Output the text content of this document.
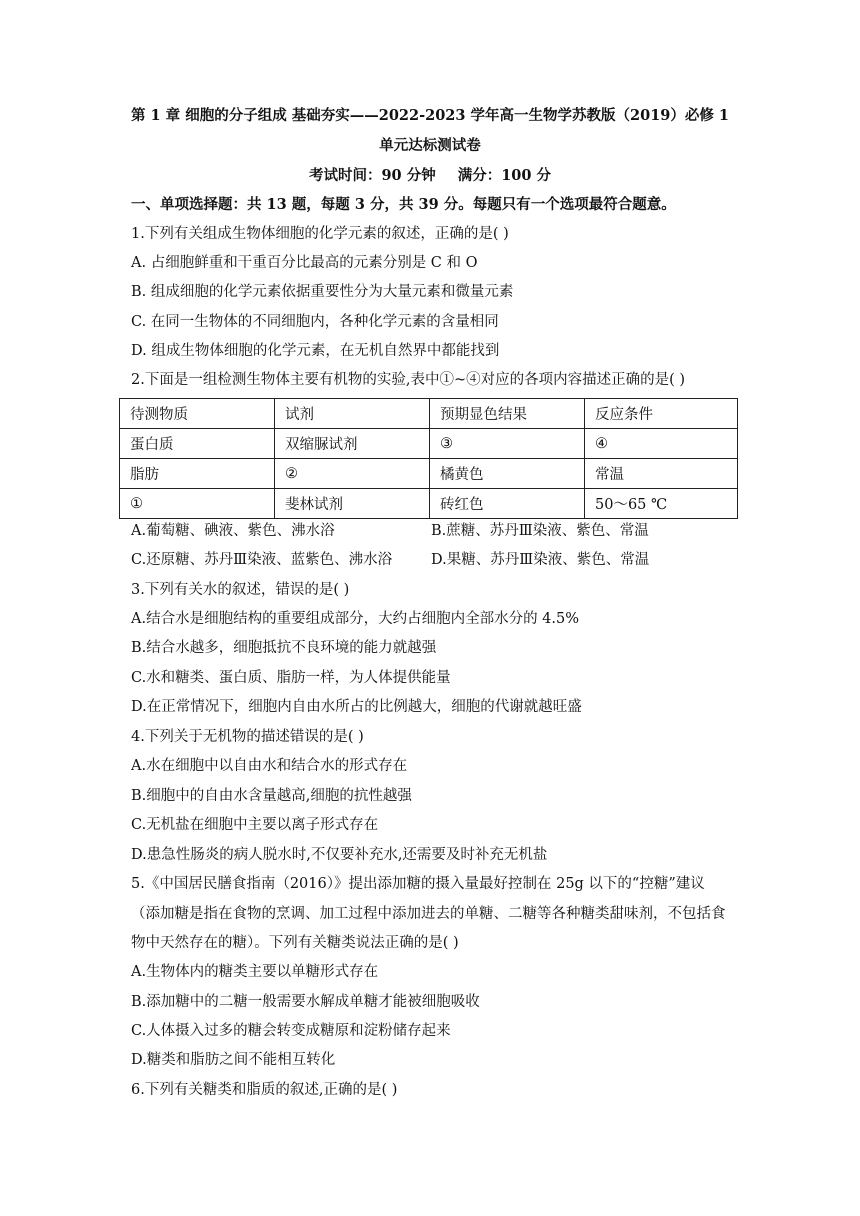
第 1 章 细胞的分子组成 基础夯实——2022-2023 学年高一生物学苏教版（2019）必修 1
单元达标测试卷
考试时间：90 分钟 满分：100 分
一、单项选择题：共 13 题，每题 3 分，共 39 分。每题只有一个选项最符合题意。
1.下列有关组成生物体细胞的化学元素的叙述，正确的是( )
A. 占细胞鲜重和干重百分比最高的元素分别是 C 和 O
B. 组成细胞的化学元素依据重要性分为大量元素和微量元素
C. 在同一生物体的不同细胞内，各种化学元素的含量相同
D. 组成生物体细胞的化学元素，在无机自然界中都能找到
2.下面是一组检测生物体主要有机物的实验,表中①~④对应的各项内容描述正确的是( )
待测物质	试剂	预期显色结果	反应条件
蛋白质	双缩脲试剂	③	④
脂肪	②	橘黄色	常温
①	斐林试剂	砖红色	50～65 ℃
A.葡萄糖、碘液、紫色、沸水浴	B.蔗糖、苏丹Ⅲ染液、紫色、常温
C.还原糖、苏丹Ⅲ染液、蓝紫色、沸水浴	D.果糖、苏丹Ⅲ染液、紫色、常温
3.下列有关水的叙述，错误的是( )
A.结合水是细胞结构的重要组成部分，大约占细胞内全部水分的 4.5%
B.结合水越多，细胞抵抗不良环境的能力就越强
C.水和糖类、蛋白质、脂肪一样，为人体提供能量
D.在正常情况下，细胞内自由水所占的比例越大，细胞的代谢就越旺盛
4.下列关于无机物的描述错误的是( )
A.水在细胞中以自由水和结合水的形式存在
B.细胞中的自由水含量越高,细胞的抗性越强
C.无机盐在细胞中主要以离子形式存在
D.患急性肠炎的病人脱水时,不仅要补充水,还需要及时补充无机盐
5.《中国居民膳食指南（2016）》提出添加糖的摄入量最好控制在 25g 以下的“控糖”建议（添加糖是指在食物的烹调、加工过程中添加进去的单糖、二糖等各种糖类甜味剂，不包括食物中天然存在的糖）。下列有关糖类说法正确的是( )
A.生物体内的糖类主要以单糖形式存在
B.添加糖中的二糖一般需要水解成单糖才能被细胞吸收
C.人体摄入过多的糖会转变成糖原和淀粉储存起来
D.糖类和脂肪之间不能相互转化
6.下列有关糖类和脂质的叙述,正确的是( )
